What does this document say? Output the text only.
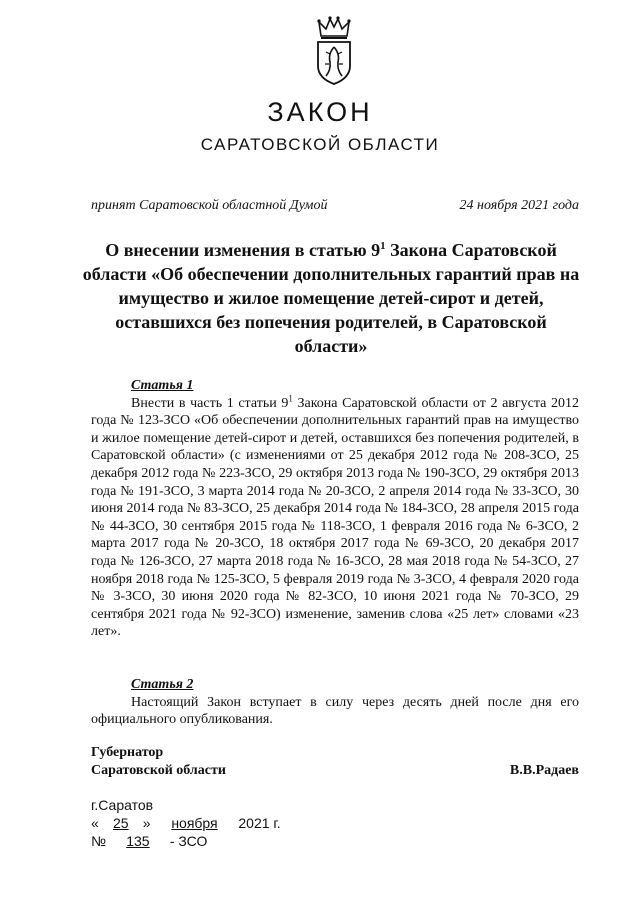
ЗАКОН
САРАТОВСКОЙ ОБЛАСТИ
принят Саратовской областной Думой	24 ноября 2021 года
О внесении изменения в статью $9^1$ Закона Саратовской области «Об обеспечении дополнительных гарантий прав на имущество и жилое помещение детей-сирот и детей, оставшихся без попечения родителей, в Саратовской области»
Статья 1

Внести в часть 1 статьи $9^1$ Закона Саратовской области от 2 августа 2012 года № 123-ЗСО «Об обеспечении дополнительных гарантий прав на имущество и жилое помещение детей-сирот и детей, оставшихся без попечения родителей, в Саратовской области» (с изменениями от 25 декабря 2012 года № 208-ЗСО, 25 декабря 2012 года № 223-ЗСО, 29 октября 2013 года № 190-ЗСО, 29 октября 2013 года № 191-ЗСО, 3 марта 2014 года № 20-ЗСО, 2 апреля 2014 года № 33-ЗСО, 30 июня 2014 года № 83-ЗСО, 25 декабря 2014 года № 184-ЗСО, 28 апреля 2015 года № 44-ЗСО, 30 сентября 2015 года № 118-ЗСО, 1 февраля 2016 года № 6-ЗСО, 2 марта 2017 года № 20-ЗСО, 18 октября 2017 года № 69-ЗСО, 20 декабря 2017 года № 126-ЗСО, 27 марта 2018 года № 16-ЗСО, 28 мая 2018 года № 54-ЗСО, 27 ноября 2018 года № 125-ЗСО, 5 февраля 2019 года № 3-ЗСО, 4 февраля 2020 года № 3-ЗСО, 30 июня 2020 года № 82-ЗСО, 10 июня 2021 года № 70-ЗСО, 29 сентября 2021 года № 92-ЗСО) изменение, заменив слова «25 лет» словами «23 лет».

Статья 2

Настоящий Закон вступает в силу через десять дней после дня его официального опубликования.

Губернатор
Саратовской области	В.В.Радаев
г.Саратов
« 25 » ноября 2021 г.
№ 135 - ЗСО
